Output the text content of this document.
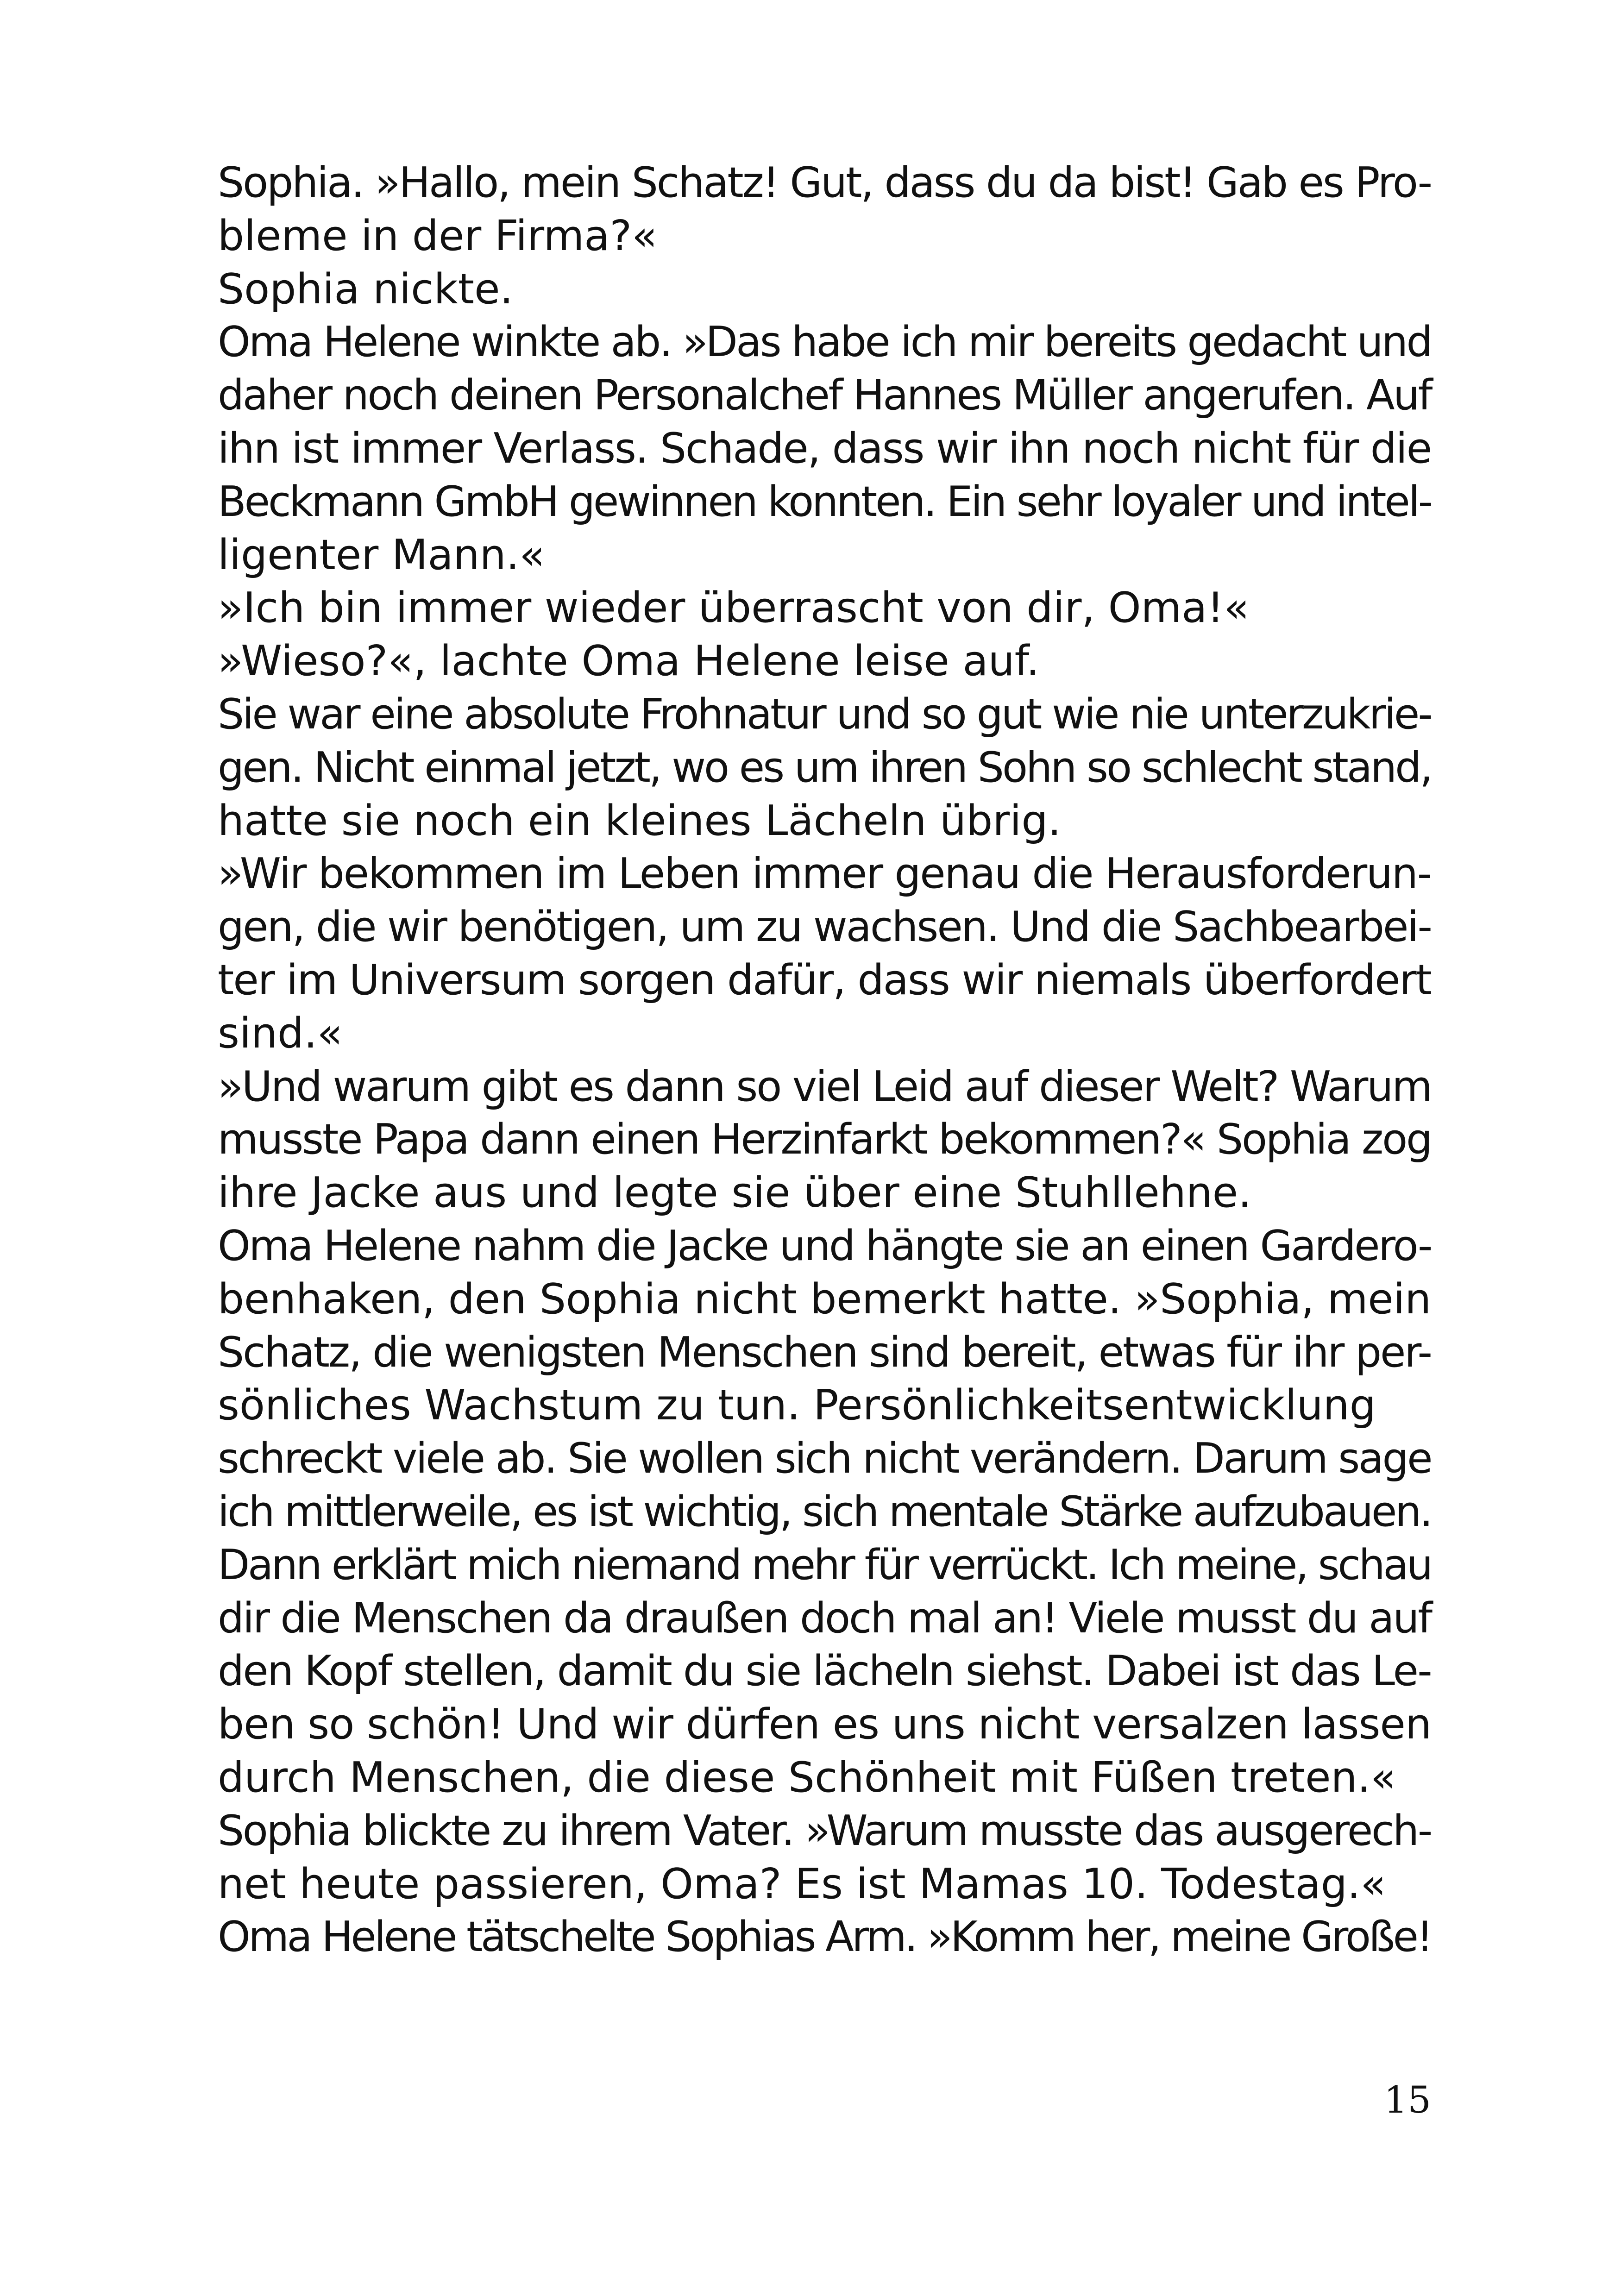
Sophia. »Hallo, mein Schatz! Gut, dass du da bist! Gab es Pro-
bleme in der Firma?«
Sophia nickte.
Oma Helene winkte ab. »Das habe ich mir bereits gedacht und
daher noch deinen Personalchef Hannes Müller angerufen. Auf
ihn ist immer Verlass. Schade, dass wir ihn noch nicht für die
Beckmann GmbH gewinnen konnten. Ein sehr loyaler und intel-
ligenter Mann.«
»Ich bin immer wieder überrascht von dir, Oma!«
»Wieso?«, lachte Oma Helene leise auf.
Sie war eine absolute Frohnatur und so gut wie nie unterzukrie-
gen. Nicht einmal jetzt, wo es um ihren Sohn so schlecht stand,
hatte sie noch ein kleines Lächeln übrig.
»Wir bekommen im Leben immer genau die Herausforderun-
gen, die wir benötigen, um zu wachsen. Und die Sachbearbei-
ter im Universum sorgen dafür, dass wir niemals überfordert
sind.«
»Und warum gibt es dann so viel Leid auf dieser Welt? Warum
musste Papa dann einen Herzinfarkt bekommen?« Sophia zog
ihre Jacke aus und legte sie über eine Stuhllehne.
Oma Helene nahm die Jacke und hängte sie an einen Gardero-
benhaken, den Sophia nicht bemerkt hatte. »Sophia, mein
Schatz, die wenigsten Menschen sind bereit, etwas für ihr per-
sönliches Wachstum zu tun. Persönlichkeitsentwicklung
schreckt viele ab. Sie wollen sich nicht verändern. Darum sage
ich mittlerweile, es ist wichtig, sich mentale Stärke aufzubauen.
Dann erklärt mich niemand mehr für verrückt. Ich meine, schau
dir die Menschen da draußen doch mal an! Viele musst du auf
den Kopf stellen, damit du sie lächeln siehst. Dabei ist das Le-
ben so schön! Und wir dürfen es uns nicht versalzen lassen
durch Menschen, die diese Schönheit mit Füßen treten.«
Sophia blickte zu ihrem Vater. »Warum musste das ausgerech-
net heute passieren, Oma? Es ist Mamas 10. Todestag.«
Oma Helene tätschelte Sophias Arm. »Komm her, meine Große!
15
